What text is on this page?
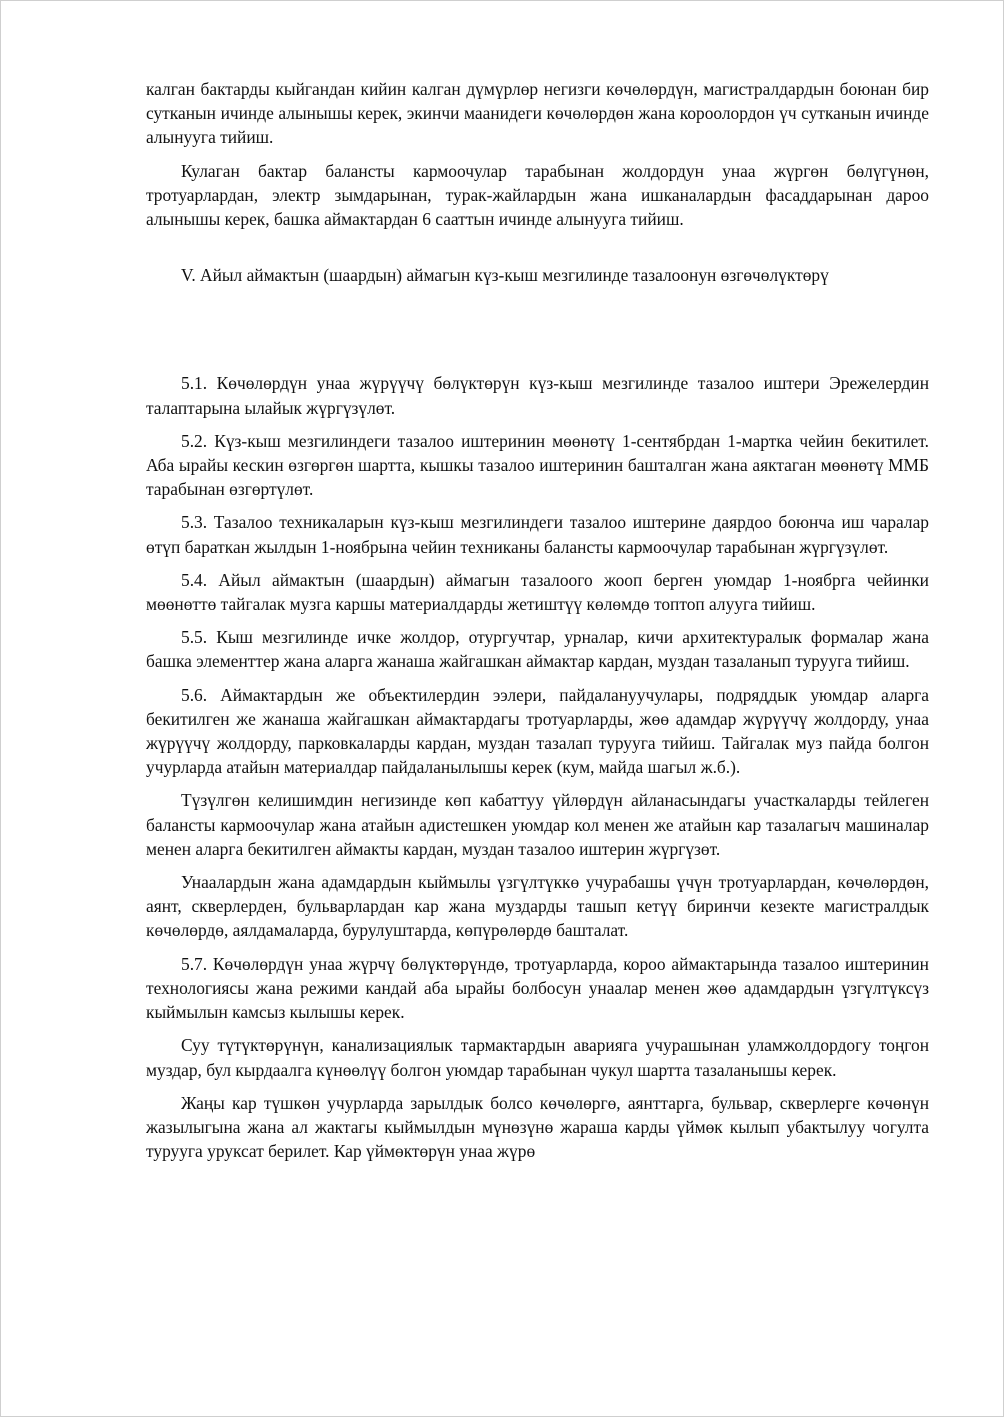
калган бактарды кыйгандан кийин калган дүмүрлөр негизги көчөлөрдүн, магистралдардын боюнан бир сутканын ичинде алынышы керек, экинчи маанидеги көчөлөрдөн жана короолордон үч сутканын ичинде алынууга тийиш.

Кулаган бактар балансты кармоочулар тарабынан жолдордун унаа жүргөн бөлүгүнөн, тротуарлардан, электр зымдарынан, турак-жайлардын жана ишканалардын фасаддарынан дароо алынышы керек, башка аймактардан 6 сааттын ичинде алынууга тийиш.

V. Айыл аймактын (шаардын) аймагын күз-кыш мезгилинде тазалоонун өзгөчөлүктөрү

5.1. Көчөлөрдүн унаа жүрүүчү бөлүктөрүн күз-кыш мезгилинде тазалоо иштери Эрежелердин талаптарына ылайык жүргүзүлөт.

5.2. Күз-кыш мезгилиндеги тазалоо иштеринин мөөнөтү 1-сентябрдан 1-мартка чейин бекитилет. Аба ырайы кескин өзгөргөн шартта, кышкы тазалоо иштеринин башталган жана аяктаган мөөнөтү ММБ тарабынан өзгөртүлөт.

5.3. Тазалоо техникаларын күз-кыш мезгилиндеги тазалоо иштерине даярдоо боюнча иш чаралар өтүп бараткан жылдын 1-ноябрына чейин техниканы балансты кармоочулар тарабынан жүргүзүлөт.

5.4. Айыл аймактын (шаардын) аймагын тазалоого жооп берген уюмдар 1-ноябрга чейинки мөөнөттө тайгалак музга каршы материалдарды жетиштүү көлөмдө топтоп алууга тийиш.

5.5. Кыш мезгилинде ичке жолдор, отургучтар, урналар, кичи архитектуралык формалар жана башка элементтер жана аларга жанаша жайгашкан аймактар кардан, муздан тазаланып турууга тийиш.

5.6. Аймактардын же объектилердин ээлери, пайдалануучулары, подряддык уюмдар аларга бекитилген же жанаша жайгашкан аймактардагы тротуарларды, жөө адамдар жүрүүчү жолдорду, унаа жүрүүчү жолдорду, парковкаларды кардан, муздан тазалап турууга тийиш. Тайгалак муз пайда болгон учурларда атайын материалдар пайдаланылышы керек (кум, майда шагыл ж.б.).

Түзүлгөн келишимдин негизинде көп кабаттуу үйлөрдүн айланасындагы участкаларды тейлеген балансты кармоочулар жана атайын адистешкен уюмдар кол менен же атайын кар тазалагыч машиналар менен аларга бекитилген аймакты кардан, муздан тазалоо иштерин жүргүзөт.

Унаалардын жана адамдардын кыймылы үзгүлтүккө учурабашы үчүн тротуарлардан, көчөлөрдөн, аянт, скверлерден, бульварлардан кар жана муздарды ташып кетүү биринчи кезекте магистралдык көчөлөрдө, аялдамаларда, бурулуштарда, көпүрөлөрдө башталат.

5.7. Көчөлөрдүн унаа жүрчү бөлүктөрүндө, тротуарларда, короо аймактарында тазалоо иштеринин технологиясы жана режими кандай аба ырайы болбосун унаалар менен жөө адамдардын үзгүлтүксүз кыймылын камсыз кылышы керек.

Суу түтүктөрүнүн, канализациялык тармактардын аварияга учурашынан уламжолдордогу тоңгон муздар, бул кырдаалга күнөөлүү болгон уюмдар тарабынан чукул шартта тазаланышы керек.

Жаңы кар түшкөн учурларда зарылдык болсо көчөлөргө, аянттарга, бульвар, скверлерге көчөнүн жазылыгына жана ал жактагы кыймылдын мүнөзүнө жараша карды үймөк кылып убактылуу чогулта турууга уруксат берилет. Кар үймөктөрүн унаа жүрө
